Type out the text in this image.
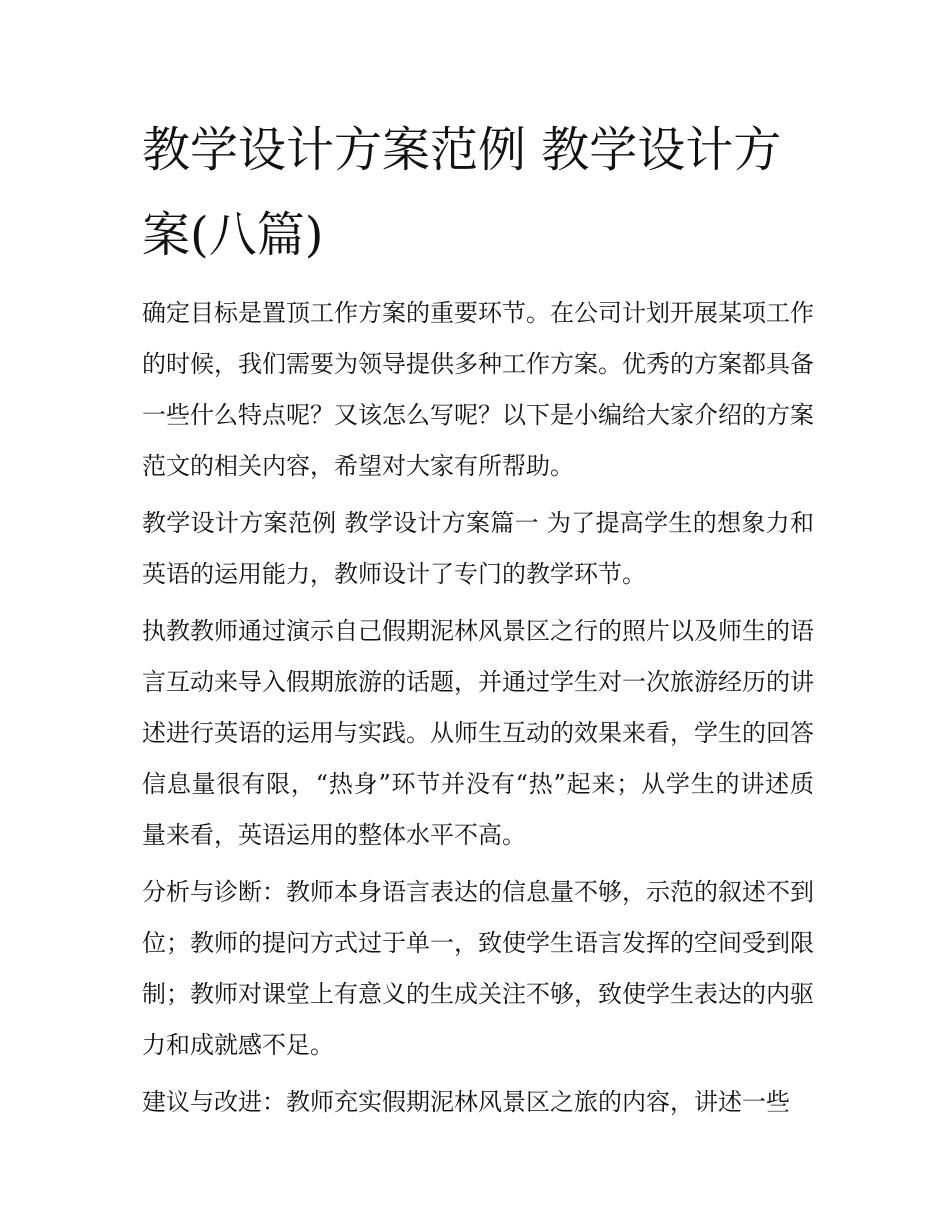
教学设计方案范例 教学设计方案(八篇)

确定目标是置顶工作方案的重要环节。在公司计划开展某项工作的时候，我们需要为领导提供多种工作方案。优秀的方案都具备一些什么特点呢？又该怎么写呢？以下是小编给大家介绍的方案范文的相关内容，希望对大家有所帮助。

教学设计方案范例 教学设计方案篇一 为了提高学生的想象力和英语的运用能力，教师设计了专门的教学环节。

执教教师通过演示自己假期泥林风景区之行的照片以及师生的语言互动来导入假期旅游的话题，并通过学生对一次旅游经历的讲述进行英语的运用与实践。从师生互动的效果来看，学生的回答信息量很有限，“热身”环节并没有“热”起来；从学生的讲述质量来看，英语运用的整体水平不高。

分析与诊断：教师本身语言表达的信息量不够，示范的叙述不到位；教师的提问方式过于单一，致使学生语言发挥的空间受到限制；教师对课堂上有意义的生成关注不够，致使学生表达的内驱力和成就感不足。

建议与改进：教师充实假期泥林风景区之旅的内容，讲述一些
